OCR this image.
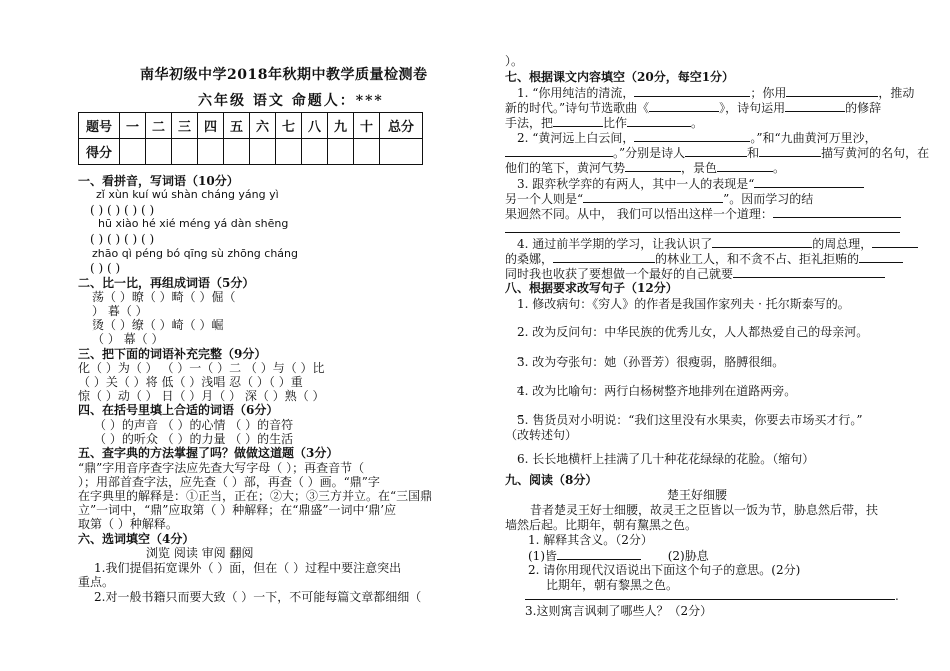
南华初级中学2018年秋期中教学质量检测卷
六年级 语文 命题人：***
题号	一	二	三	四	五	六	七	八	九	十	总分
得分											
一、看拼音，写词语（10分）
zǐ xùn kuí wú shàn cháng yáng yì
( ) ( ) ( ) ( )
hū xiào hé xié méng yá dàn shēng
( ) ( ) ( ) ( )
zhāo qì péng bó qīng sù zhōng cháng
( ) ( )
二、比一比，再组成词语（5分）
荡（ ）暸（ ）畸（ ）倔（
） 暮（ ）
烫（ ）缭（ ）崎（ ）崛
（ ） 幕（ ）
三、把下面的词语补充完整（9分）
化（ ）为（ ） （ ）一（ ）二 （ ）与（ ）比
（ ）关（ ）将 低（ ）浅唱 忍（ ）（ ）重
惊（ ）动（ ） 日（ ）月（ ） 深（ ）熟（ ）
四、在括号里填上合适的词语（6分）
（ ）的声音 （ ）的心情 （ ）的音符
（ ）的听众 （ ）的力量 （ ）的生活
五、查字典的方法掌握了吗？做做这道题（3分）
“鼎”字用音序查字法应先查大写字母（ ）；再查音节（
）；用部首查字法，应先查（ ）部，再查（ ）画。“鼎”字
在字典里的解释是：①正当，正在；②大；③三方并立。在“三国鼎
立”一词中，“鼎”应取第（ ）种解释；在“鼎盛”一词中‘鼎’应
取第（ ）种解释。
六、选词填空（4分）
浏览 阅读 审阅 翻阅
1.我们提倡拓宽课外（ ）面，但在（ ）过程中要注意突出
重点。
2.对一般书籍只而要大致（ ）一下，不可能每篇文章都细细（
）。
七、根据课文内容填空（20分，每空1分）
1. “你用纯洁的清流，	；你用	，推动
新的时代。”诗句节选歌曲《	》，诗句运用	的修辞
手法，把	比作	。
2. “黄河远上白云间，	。”和“九曲黄河万里沙，
。”分别是诗人	和	描写黄河的名句，在
他们的笔下，黄河气势	，景色	。
3. 跟弈秋学弈的有两人，其中一人的表现是“
另一个人则是“	”。因而学习的结
果迥然不同。从中， 我们可以悟出这样一个道理：
4. 通过前半学期的学习，让我认识了	的周总理，
的桑娜，	的林业工人，和不贪不占、拒礼拒贿的
同时我也收获了要想做一个最好的自己就要
八、根据要求改写句子（12分）
1. 修改病句：《穷人》的作者是我国作家列夫 · 托尔斯泰写的。
2. 改为反问句：中华民族的优秀儿女，人人都热爱自己的母亲河。
_
3. 改为夸张句：她（孙晋芳）很瘦弱，胳膊很细。
_
4. 改为比喻句：两行白杨树整齐地排列在道路两旁。
_
5. 售货员对小明说：“我们这里没有水果卖，你要去市场买才行。”
（改转述句）
6. 长长地横杆上挂满了几十种花花绿绿的花脸。（缩句）
九、阅读（8分）
楚王好细腰
昔者楚灵王好士细腰，故灵王之臣皆以一饭为节，胁息然后带，扶
墙然后起。比期年，朝有黧黑之色。
1. 解释其含义。（2分）
(1)皆	(2)胁息
2. 请你用现代汉语说出下面这个句子的意思。(2分)
比期年，朝有黎黑之色。
.
3.这则寓言讽刺了哪些人？（2分）
